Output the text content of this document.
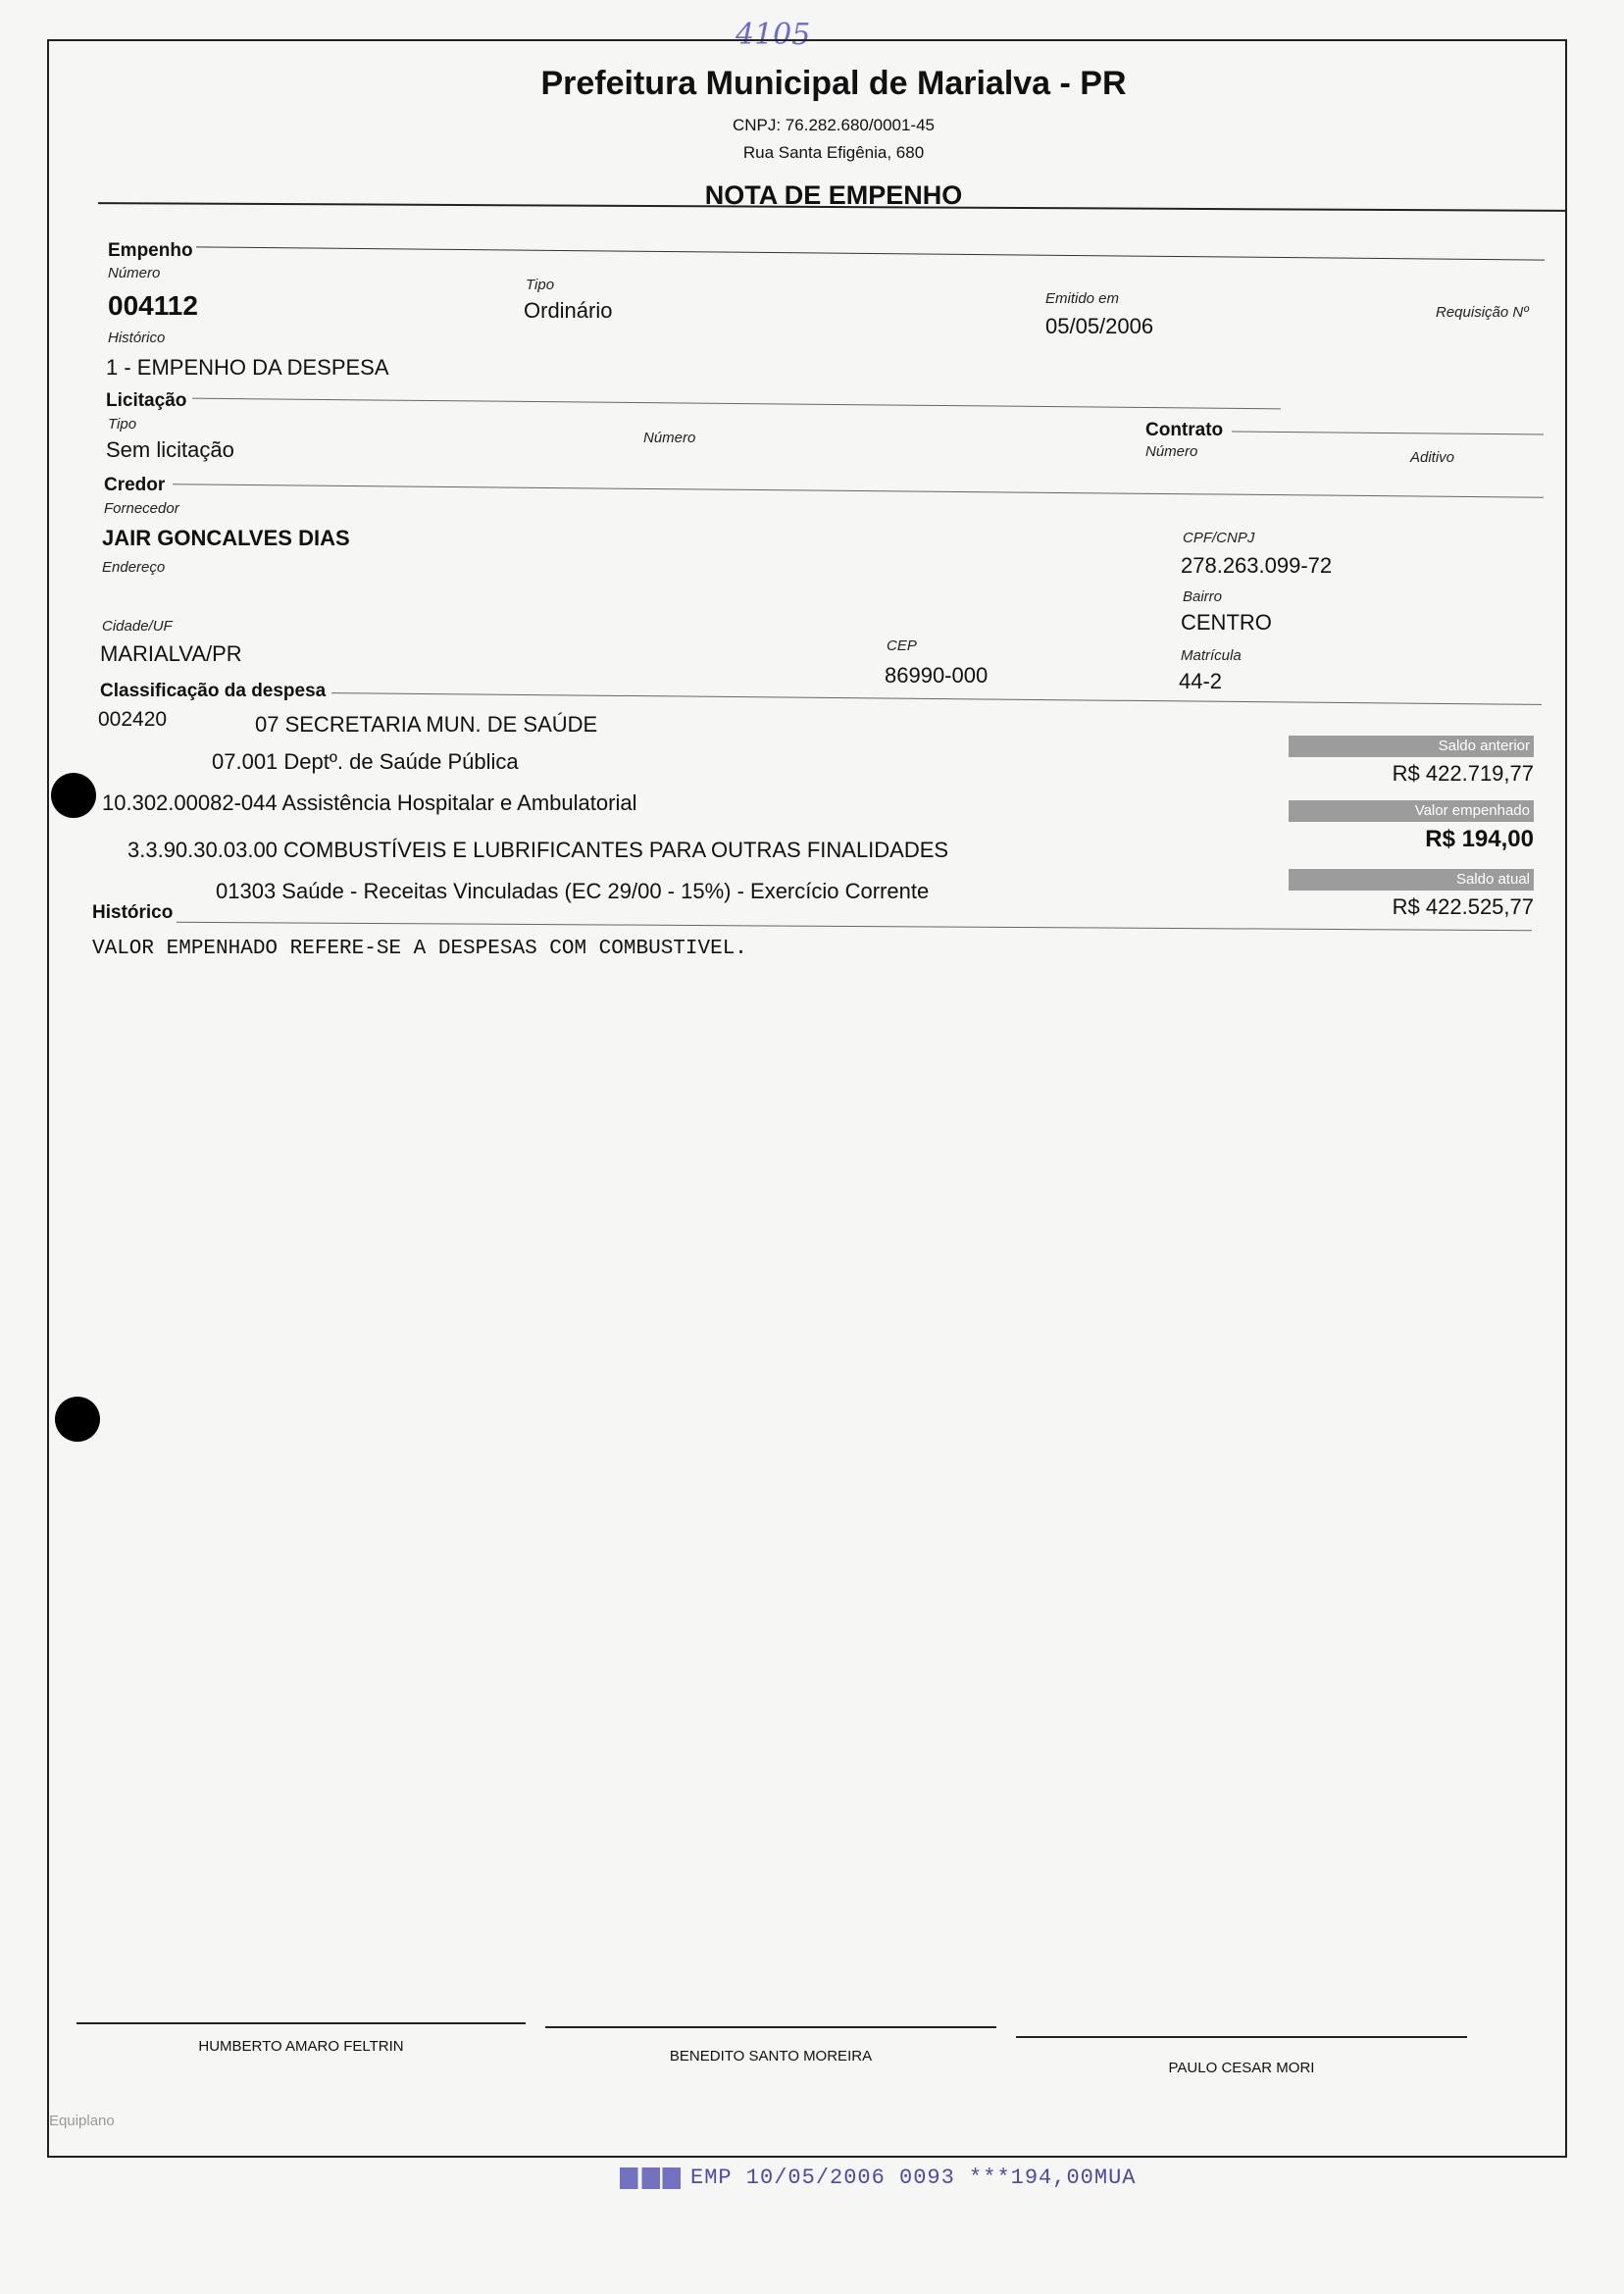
4105
Prefeitura Municipal de Marialva - PR
CNPJ: 76.282.680/0001-45
Rua Santa Efigênia, 680
NOTA DE EMPENHO
Empenho
Número
004112
Tipo
Ordinário	Emitido em
05/05/2006
Requisição Nº
Histórico
1 - EMPENHO DA DESPESA
Licitação
Tipo
Sem licitação	Número	Contrato
Número	Aditivo
Credor
Fornecedor
JAIR GONCALVES DIAS
Endereço
CPF/CNPJ
278.263.099-72
Bairro
CENTRO
Cidade/UF
MARIALVA/PR	CEP
86990-000
Matrícula
44-2
Classificação da despesa
002420	07 SECRETARIA MUN. DE SAÚDE
07.001 Deptº. de Saúde Pública
10.302.00082-044 Assistência Hospitalar e Ambulatorial
3.3.90.30.03.00 COMBUSTÍVEIS E LUBRIFICANTES PARA OUTRAS FINALIDADES
01303 Saúde - Receitas Vinculadas (EC 29/00 - 15%) - Exercício Corrente
Saldo anterior
R$ 422.719,77
Valor empenhado
R$ 194,00
Saldo atual
R$ 422.525,77
Histórico
VALOR EMPENHADO REFERE-SE A DESPESAS COM COMBUSTIVEL.
HUMBERTO AMARO FELTRIN
BENEDITO SANTO MOREIRA
PAULO CESAR MORI
Equiplano
EMP 10/05/2006 0093 ***194,00MUA
